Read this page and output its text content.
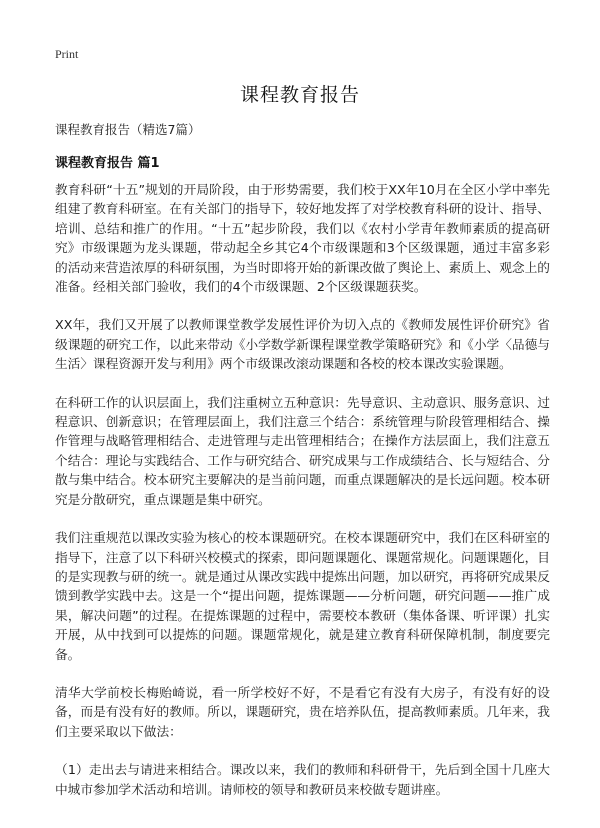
Print
课程教育报告
课程教育报告（精选7篇）
课程教育报告 篇1

教育科研“十五”规划的开局阶段，由于形势需要，我们校于XX年10月在全区小学中率先组建了教育科研室。在有关部门的指导下，较好地发挥了对学校教育科研的设计、指导、培训、总结和推广的作用。“十五”起步阶段，我们以《农村小学青年教师素质的提高研究》市级课题为龙头课题，带动起全乡其它4个市级课题和3个区级课题，通过丰富多彩的活动来营造浓厚的科研氛围，为当时即将开始的新课改做了舆论上、素质上、观念上的准备。经相关部门验收，我们的4个市级课题、2个区级课题获奖。

XX年，我们又开展了以教师课堂教学发展性评价为切入点的《教师发展性评价研究》省级课题的研究工作，以此来带动《小学数学新课程课堂教学策略研究》和《小学〈品德与生活〉课程资源开发与利用》两个市级课改滚动课题和各校的校本课改实验课题。

在科研工作的认识层面上，我们注重树立五种意识：先导意识、主动意识、服务意识、过程意识、创新意识；在管理层面上，我们注意三个结合：系统管理与阶段管理相结合、操作管理与战略管理相结合、走进管理与走出管理相结合；在操作方法层面上，我们注意五个结合：理论与实践结合、工作与研究结合、研究成果与工作成绩结合、长与短结合、分散与集中结合。校本研究主要解决的是当前问题，而重点课题解决的是长远问题。校本研究是分散研究，重点课题是集中研究。

我们注重规范以课改实验为核心的校本课题研究。在校本课题研究中，我们在区科研室的指导下，注意了以下科研兴校模式的探索，即问题课题化、课题常规化。问题课题化，目的是实现教与研的统一。就是通过从课改实践中提炼出问题，加以研究，再将研究成果反馈到教学实践中去。这是一个“提出问题，提炼课题——分析问题，研究问题——推广成果，解决问题”的过程。在提炼课题的过程中，需要校本教研（集体备课、听评课）扎实开展，从中找到可以提炼的问题。课题常规化，就是建立教育科研保障机制，制度要完备。

清华大学前校长梅贻崎说，看一所学校好不好，不是看它有没有大房子，有没有好的设备，而是有没有好的教师。所以，课题研究，贵在培养队伍，提高教师素质。几年来，我们主要采取以下做法：

（1）走出去与请进来相结合。课改以来，我们的教师和科研骨干，先后到全国十几座大中城市参加学术活动和培训。请师校的领导和教研员来校做专题讲座。
